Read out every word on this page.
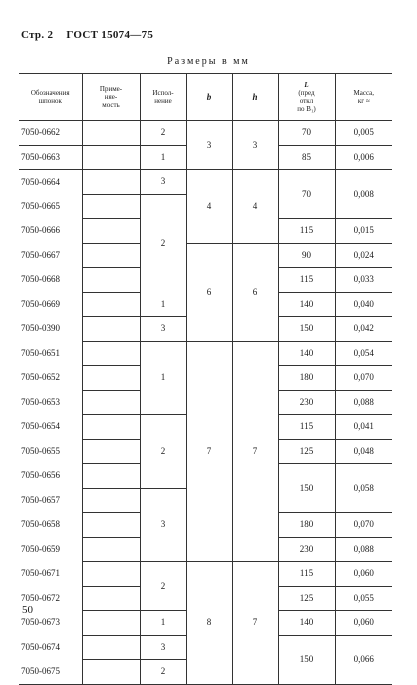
Стр. 2 ГОСТ 15074—75
Размеры в мм
Обозначения шпонок	Приме-
няе-
мость	Испол-
нение	b	h	L
(пред
откл
по B₁)	Масса,
кг ≈
7050-0662		2	3	3	70	0,005
7050-0663		1			85	0,006
7050-0664		3	4	4	70	0,008
7050-0665		2				
7050-0666					115	0,015
7050-0667			6	6	90	0,024
7050-0668					115	0,033
7050-0669		1			140	0,040
7050-0390		3			150	0,042
7050-0651		1	7	7	140	0,054
7050-0652					180	0,070
7050-0653					230	0,088
7050-0654		2			115	0,041
7050-0655					125	0,048
7050-0656					150	0,058
7050-0657		3				
7050-0658					180	0,070
7050-0659					230	0,088
7050-0671		2	8	7	115	0,060
7050-0672					125	0,055
7050-0673		1			140	0,060
7050-0674		3			150	0,066
7050-0675		2				
50
